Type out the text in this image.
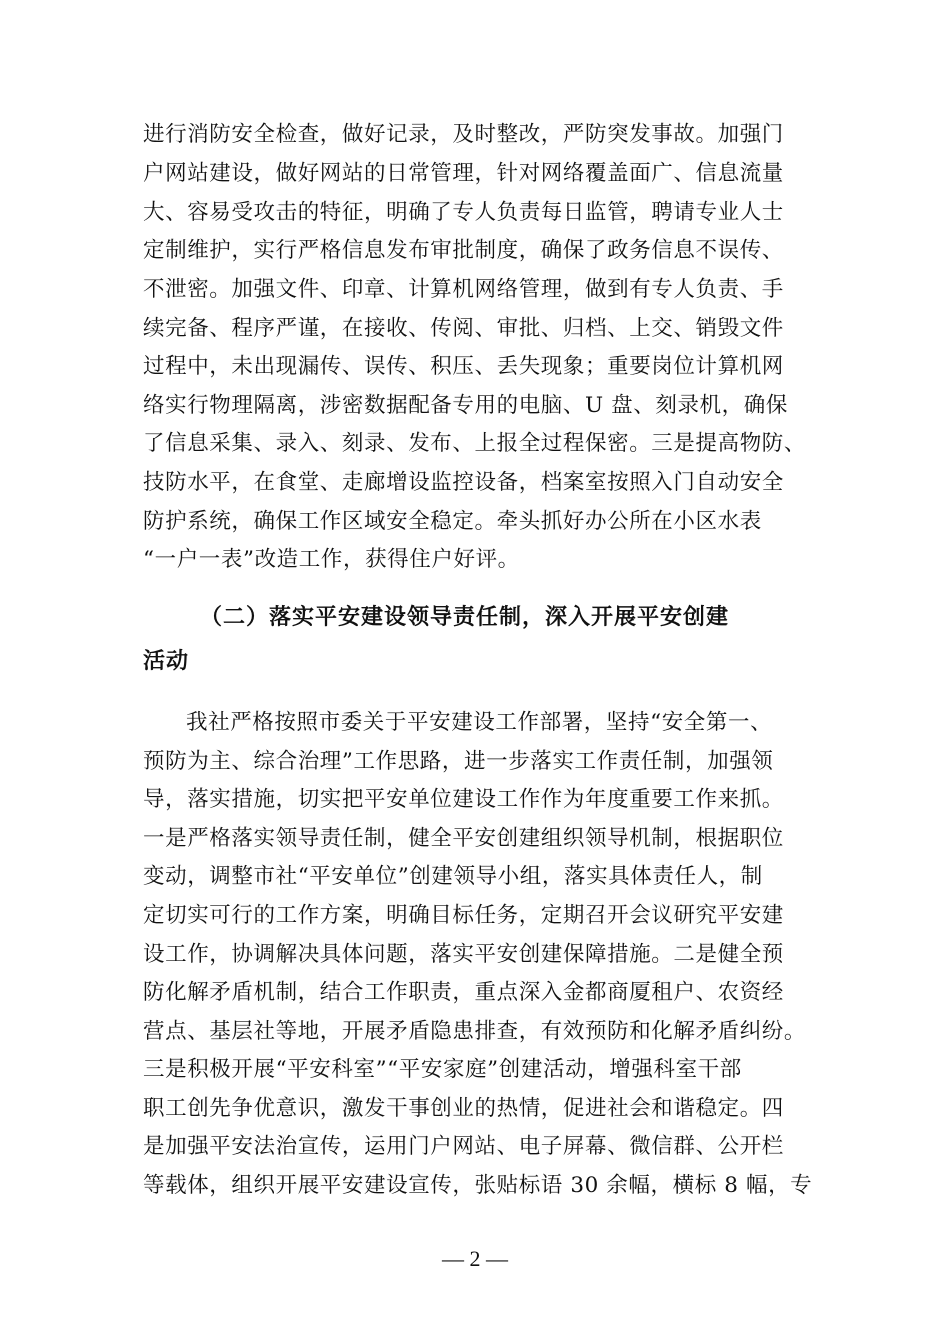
进行消防安全检查，做好记录，及时整改，严防突发事故。加强门
户网站建设，做好网站的日常管理，针对网络覆盖面广、信息流量
大、容易受攻击的特征，明确了专人负责每日监管，聘请专业人士
定制维护，实行严格信息发布审批制度，确保了政务信息不误传、
不泄密。加强文件、印章、计算机网络管理，做到有专人负责、手
续完备、程序严谨，在接收、传阅、审批、归档、上交、销毁文件
过程中，未出现漏传、误传、积压、丢失现象；重要岗位计算机网
络实行物理隔离，涉密数据配备专用的电脑、U 盘、刻录机，确保
了信息采集、录入、刻录、发布、上报全过程保密。三是提高物防、
技防水平，在食堂、走廊增设监控设备，档案室按照入门自动安全
防护系统，确保工作区域安全稳定。牵头抓好办公所在小区水表
“一户一表”改造工作，获得住户好评。
（二）落实平安建设领导责任制，深入开展平安创建
活动
我社严格按照市委关于平安建设工作部署，坚持“安全第一、
预防为主、综合治理”工作思路，进一步落实工作责任制，加强领
导，落实措施，切实把平安单位建设工作作为年度重要工作来抓。
一是严格落实领导责任制，健全平安创建组织领导机制，根据职位
变动，调整市社“平安单位”创建领导小组，落实具体责任人，制
定切实可行的工作方案，明确目标任务，定期召开会议研究平安建
设工作，协调解决具体问题，落实平安创建保障措施。二是健全预
防化解矛盾机制，结合工作职责，重点深入金都商厦租户、农资经
营点、基层社等地，开展矛盾隐患排查，有效预防和化解矛盾纠纷。
三是积极开展“平安科室”“平安家庭”创建活动，增强科室干部
职工创先争优意识，激发干事创业的热情，促进社会和谐稳定。四
是加强平安法治宣传，运用门户网站、电子屏幕、微信群、公开栏
等载体，组织开展平安建设宣传，张贴标语 30 余幅，横标 8 幅，专
— 2 —
